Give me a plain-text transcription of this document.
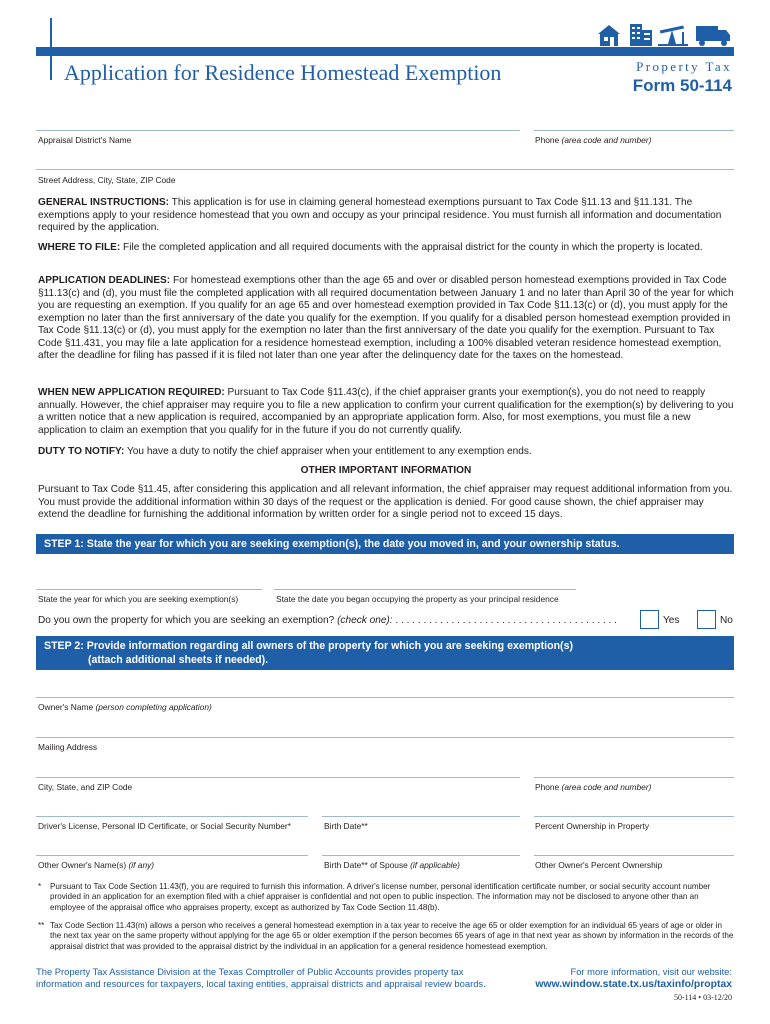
Application for Residence Homestead Exemption	Property Tax
Form 50-114
Appraisal District's Name	Phone (area code and number)
Street Address, City, State, ZIP Code
GENERAL INSTRUCTIONS: This application is for use in claiming general homestead exemptions pursuant to Tax Code §11.13 and §11.131. The exemptions apply to your residence homestead that you own and occupy as your principal residence. You must furnish all information and documentation required by the application.
WHERE TO FILE: File the completed application and all required documents with the appraisal district for the county in which the property is located.
APPLICATION DEADLINES: For homestead exemptions other than the age 65 and over or disabled person homestead exemptions provided in Tax Code §11.13(c) and (d), you must file the completed application with all required documentation between January 1 and no later than April 30 of the year for which you are requesting an exemption. If you qualify for an age 65 and over homestead exemption provided in Tax Code §11.13(c) or (d), you must apply for the exemption no later than the first anniversary of the date you qualify for the exemption. If you qualify for a disabled person homestead exemption provided in Tax Code §11.13(c) or (d), you must apply for the exemption no later than the first anniversary of the date you qualify for the exemption. Pursuant to Tax Code §11.431, you may file a late application for a residence homestead exemption, including a 100% disabled veteran residence homestead exemption, after the deadline for filing has passed if it is filed not later than one year after the delinquency date for the taxes on the homestead.
WHEN NEW APPLICATION REQUIRED: Pursuant to Tax Code §11.43(c), if the chief appraiser grants your exemption(s), you do not need to reapply annually. However, the chief appraiser may require you to file a new application to confirm your current qualification for the exemption(s) by delivering to you a written notice that a new application is required, accompanied by an appropriate application form. Also, for most exemptions, you must file a new application to claim an exemption that you qualify for in the future if you do not currently qualify.
DUTY TO NOTIFY: You have a duty to notify the chief appraiser when your entitlement to any exemption ends.
OTHER IMPORTANT INFORMATION
Pursuant to Tax Code §11.45, after considering this application and all relevant information, the chief appraiser may request additional information from you. You must provide the additional information within 30 days of the request or the application is denied. For good cause shown, the chief appraiser may extend the deadline for furnishing the additional information by written order for a single period not to exceed 15 days.
STEP 1: State the year for which you are seeking exemption(s), the date you moved in, and your ownership status.
State the year for which you are seeking exemption(s)	State the date you began occupying the property as your principal residence
Do you own the property for which you are seeking an exemption? (check one): . . . . . . . . . . . . . . . . . . . . . . . . . . . . . . . . . . . . . . . .	Yes	No
STEP 2: Provide information regarding all owners of the property for which you are seeking exemption(s)
(attach additional sheets if needed).
Owner's Name (person completing application)
Mailing Address
City, State, and ZIP Code	Phone (area code and number)
Driver's License, Personal ID Certificate, or Social Security Number*	Birth Date**	Percent Ownership in Property
Other Owner's Name(s) (if any)	Birth Date** of Spouse (if applicable)	Other Owner's Percent Ownership
* Pursuant to Tax Code Section 11.43(f), you are required to furnish this information. A driver's license number, personal identification certificate number, or social security account number provided in an application for an exemption filed with a chief appraiser is confidential and not open to public inspection. The information may not be disclosed to anyone other than an employee of the appraisal office who appraises property, except as authorized by Tax Code Section 11.48(b).
** Tax Code Section 11.43(m) allows a person who receives a general homestead exemption in a tax year to receive the age 65 or older exemption for an individual 65 years of age or older in the next tax year on the same property without applying for the age 65 or older exemption if the person becomes 65 years of age in that next year as shown by information in the records of the appraisal district that was provided to the appraisal district by the individual in an application for a general residence homestead exemption.
The Property Tax Assistance Division at the Texas Comptroller of Public Accounts provides property tax information and resources for taxpayers, local taxing entities, appraisal districts and appraisal review boards.
For more information, visit our website:
www.window.state.tx.us/taxinfo/proptax
50-114 • 03-12/20
